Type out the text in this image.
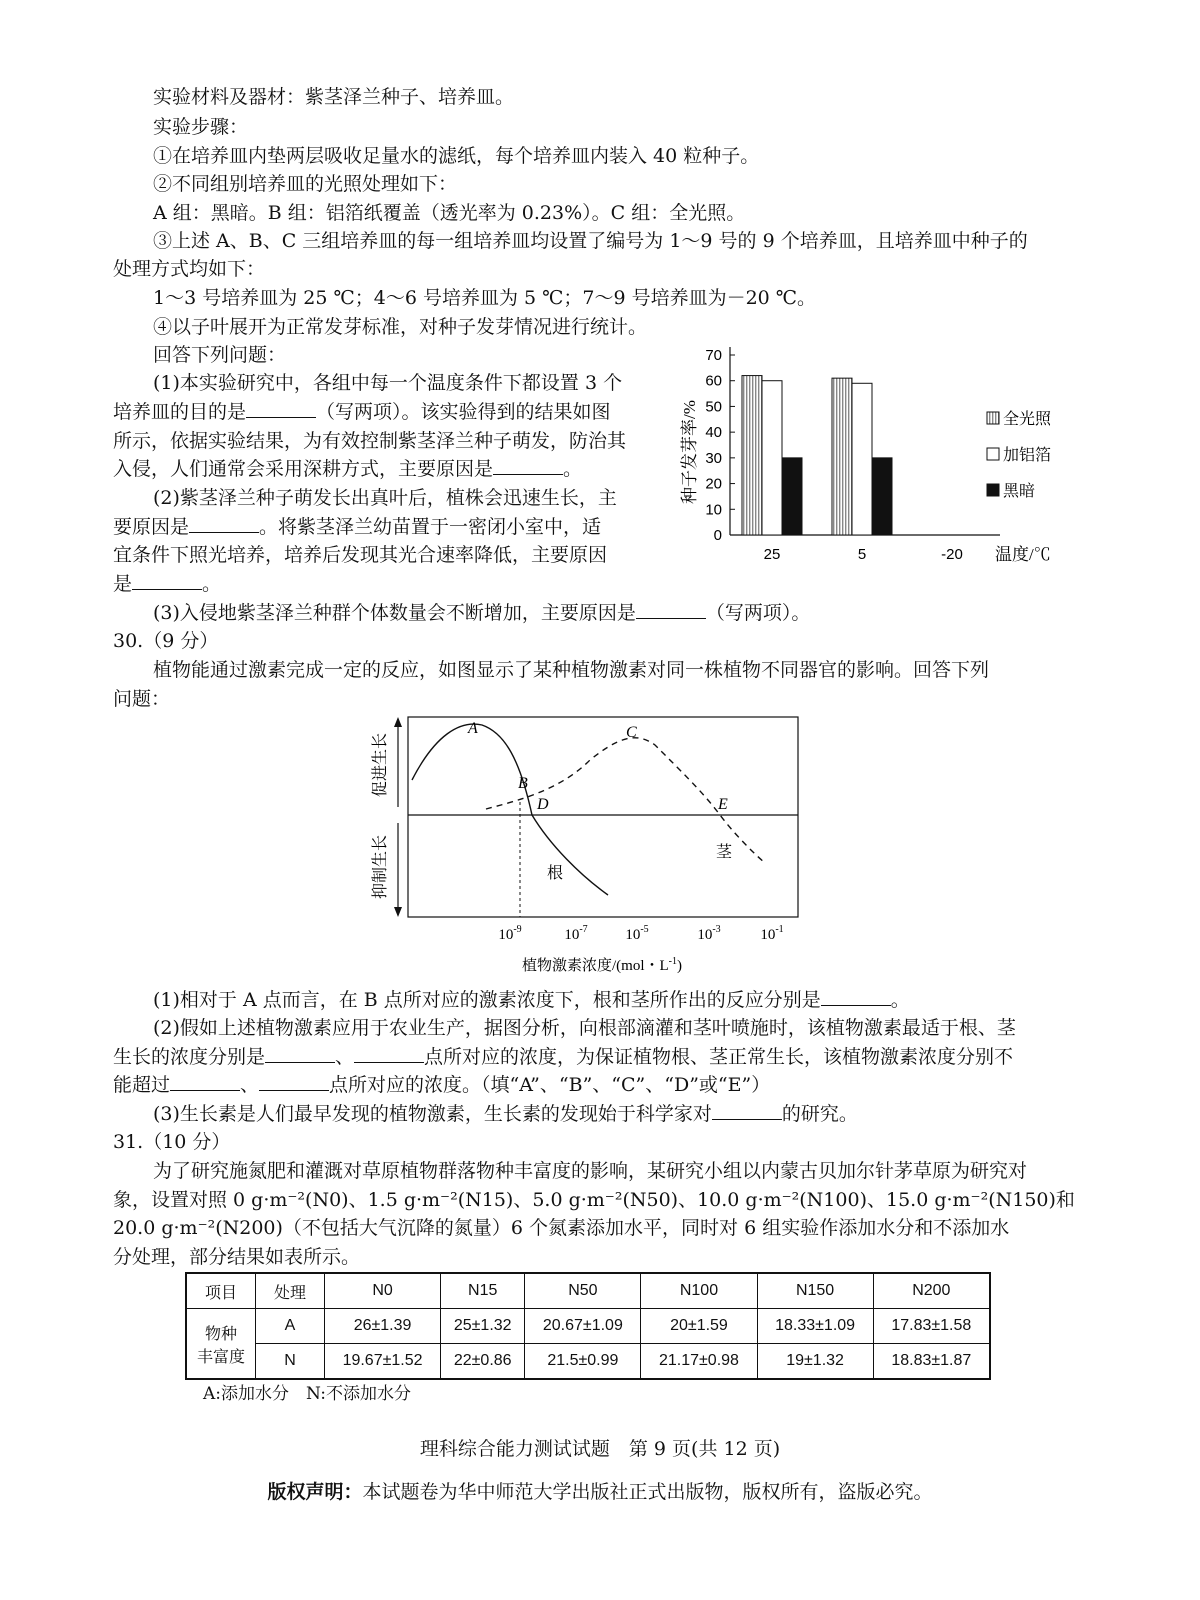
实验材料及器材：紫茎泽兰种子、培养皿。
实验步骤：
①在培养皿内垫两层吸收足量水的滤纸，每个培养皿内装入 40 粒种子。
②不同组别培养皿的光照处理如下：
A 组：黑暗。B 组：铝箔纸覆盖（透光率为 0.23%）。C 组：全光照。
③上述 A、B、C 三组培养皿的每一组培养皿均设置了编号为 1～9 号的 9 个培养皿，且培养皿中种子的
处理方式均如下：
1～3 号培养皿为 25 ℃；4～6 号培养皿为 5 ℃；7～9 号培养皿为－20 ℃。
④以子叶展开为正常发芽标准，对种子发芽情况进行统计。
回答下列问题：
(1)本实验研究中，各组中每一个温度条件下都设置 3 个
培养皿的目的是	（写两项）。该实验得到的结果如图
所示，依据实验结果，为有效控制紫茎泽兰种子萌发，防治其
入侵，人们通常会采用深耕方式，主要原因是	。
(2)紫茎泽兰种子萌发长出真叶后，植株会迅速生长，主
要原因是	。将紫茎泽兰幼苗置于一密闭小室中，适
宜条件下照光培养，培养后发现其光合速率降低，主要原因
是	。
(3)入侵地紫茎泽兰种群个体数量会不断增加，主要原因是	（写两项）。
30.（9 分）
植物能通过激素完成一定的反应，如图显示了某种植物激素对同一株植物不同器官的影响。回答下列
问题：
0
10
20
30
40
50
60
70
25	5	-20
种子发芽率/%
温度/℃
全光照
加铝箔
黑暗
促进生长
抑制生长
A
B
C
D	E
根
茎
$10^{-9}$	$10^{-7}$	$10^{-5}$	$10^{-3}$	$10^{-1}$
植物激素浓度/(mol・$L^{-1}$)
(1)相对于 A 点而言，在 B 点所对应的激素浓度下，根和茎所作出的反应分别是	。
(2)假如上述植物激素应用于农业生产，据图分析，向根部滴灌和茎叶喷施时，该植物激素最适于根、茎
生长的浓度分别是	、	点所对应的浓度，为保证植物根、茎正常生长，该植物激素浓度分别不
能超过	、	点所对应的浓度。（填“A”、“B”、“C”、“D”或“E”）
(3)生长素是人们最早发现的植物激素，生长素的发现始于科学家对	的研究。
31.（10 分）
为了研究施氮肥和灌溉对草原植物群落物种丰富度的影响，某研究小组以内蒙古贝加尔针茅草原为研究对
象，设置对照 0 g·m⁻²(N0)、1.5 g·m⁻²(N15)、5.0 g·m⁻²(N50)、10.0 g·m⁻²(N100)、15.0 g·m⁻²(N150)和
20.0 g·m⁻²(N200)（不包括大气沉降的氮量）6 个氮素添加水平，同时对 6 组实验作添加水分和不添加水
分处理，部分结果如表所示。
项目	处理	N0	N15	N50	N100	N150	N200
物种
丰富度	A	26±1.39	25±1.32	20.67±1.09	20±1.59	18.33±1.09	17.83±1.58
	N	19.67±1.52	22±0.86	21.5±0.99	21.17±0.98	19±1.32	18.83±1.87
A:添加水分　N:不添加水分
理科综合能力测试试题　第 9 页(共 12 页)
版权声明：本试题卷为华中师范大学出版社正式出版物，版权所有，盗版必究。
